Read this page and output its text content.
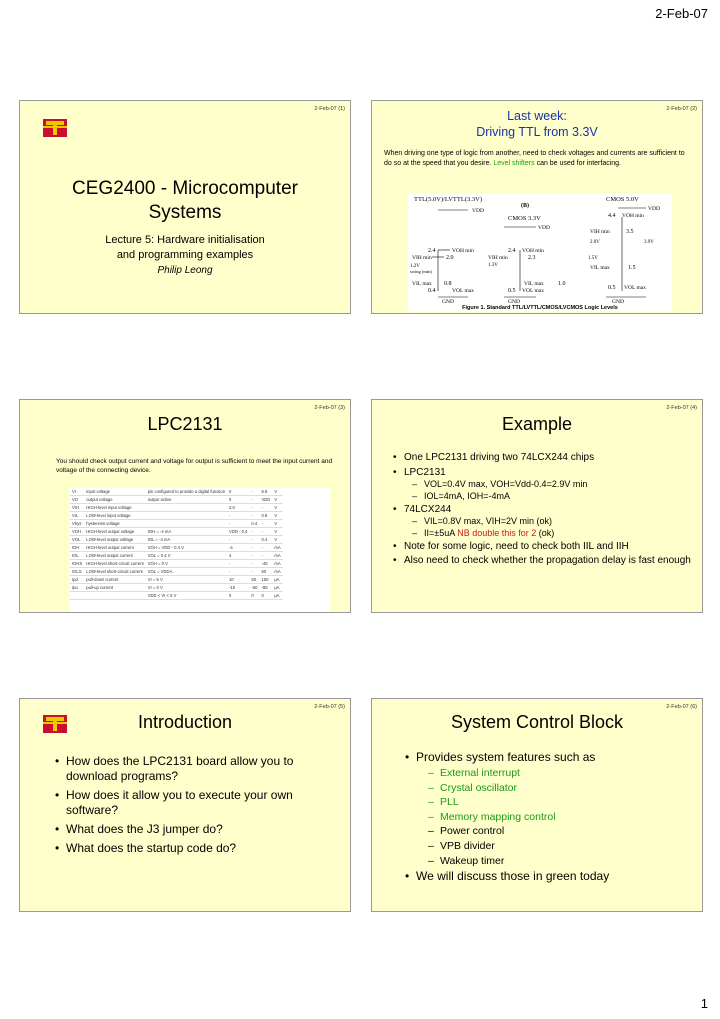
2-Feb-07
2-Feb-07 (1)
CEG2400 - Microcomputer
Systems
Lecture 5: Hardware initialisation
and programming examples
Philip Leong
2-Feb-07 (2)
Last week:
Driving TTL from 3.3V
When driving one type of logic from another, need to check voltages and currents are sufficient to do so at the speed that you desire. Level shifters can be used for interfacing.
TTL(5.0V)/LVTTL(3.3V)
(B)
CMOS 3.3V
CMOS 5.0V
VDD
2.4	VOH min
VIH min 2.0
1.2V
swing (min)
VIL max 0.8
0.4	VOL max
GND
VDD
2.4 VOH min
VIH min	2.3
1.3V
VIL max 1.0
0.5 VOL max
GND
VDD
4.4 VOH min
VIH min	3.5
2.0V	3.9V
1.5V
VIL max	1.5
0.5 VOL max
GND
Figure 1. Standard TTL/LVTTL/CMOS/LVCMOS Logic Levels
2-Feb-07 (3)
LPC2131
You should check output current and voltage for output is sufficient to meet the input current and voltage of the connecting device.
VI	input voltage	pin configured to provide a digital function	0	-	5.5	V
VO	output voltage	output active	0	-	VDD	V
VIH	HIGH-level input voltage		2.0	-	-	V
VIL	LOW-level input voltage		-	-	0.8	V
Vhys	hysteresis voltage		-	0.4	-	V
VOH	HIGH-level output voltage	IOH = -4 mA	VDD - 0.4	-	-	V
VOL	LOW-level output voltage	IOL = -4 mA	-	-	0.4	V
IOH	HIGH-level output current	VOH = VDD - 0.4 V	-4	-	-	mA
IOL	LOW-level output current	VOL = 0.4 V	4	-	-	mA
IOHS	HIGH-level short-circuit current	VOH = 0 V	-	-	-45	mA
IOLS	LOW-level short-circuit current	VOL = VDDA	-	-	50	mA
Ipd	pull-down current	VI = 5 V	10	50	150	µA
Ipu	pull-up current	VI = 0 V	-15	-50	-85	µA
		VDD < VI < 5 V	0	0	0	µA
2-Feb-07 (4)
Example
• One LPC2131 driving two 74LCX244 chips
• LPC2131
– VOL=0.4V max, VOH=Vdd-0.4=2.9V min
– IOL=4mA, IOH=-4mA
• 74LCX244
– VIL=0.8V max, VIH=2V min (ok)
– II=±5uA NB double this for 2 (ok)
• Note for some logic, need to check both IIL and IIH
• Also need to check whether the propagation delay is fast enough
2-Feb-07 (5)
Introduction
• How does the LPC2131 board allow you to download programs?
• How does it allow you to execute your own software?
• What does the J3 jumper do?
• What does the startup code do?
2-Feb-07 (6)
System Control Block
• Provides system features such as
– External interrupt
– Crystal oscillator
– PLL
– Memory mapping control
– Power control
– VPB divider
– Wakeup timer
• We will discuss those in green today
1
